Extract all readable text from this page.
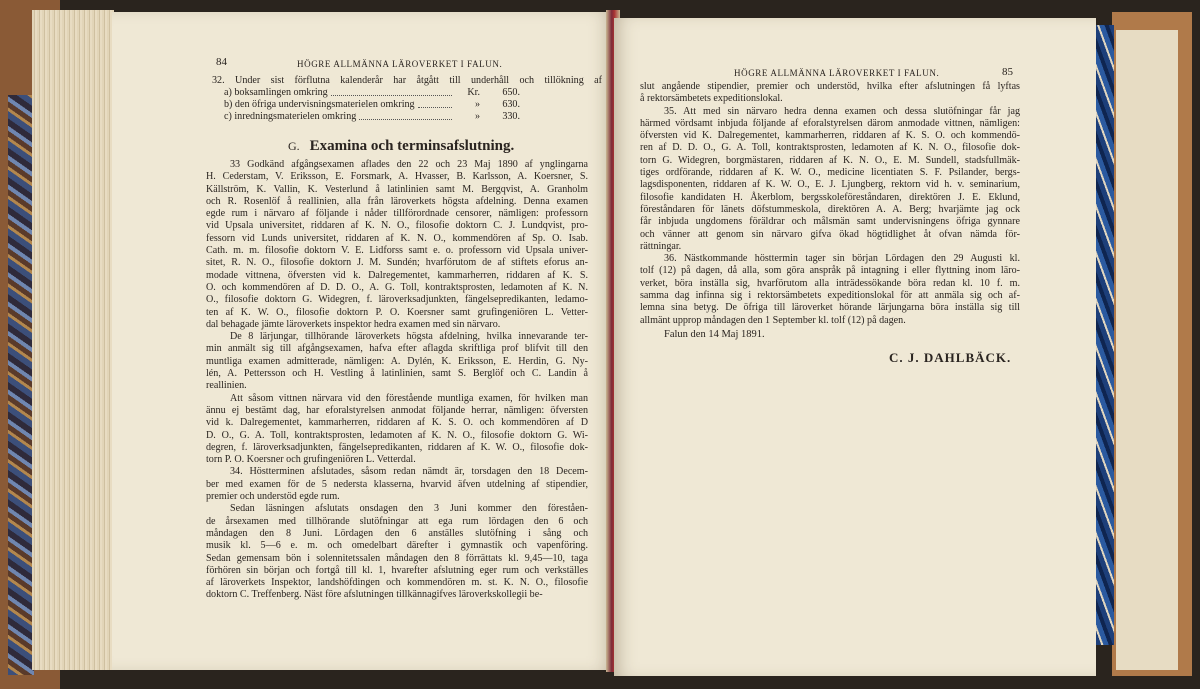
84	HÖGRE ALLMÄNNA LÄROVERKET I FALUN.
32. Under sist förflutna kalenderår har åtgått till underhåll och tillökning af
a) boksamlingen omkring	Kr.	650.
b) den öfriga undervisningsmaterielen omkring	»	630.
c) inredningsmaterielen omkring	»	330.
G. Examina och terminsafslutning.
33 Godkänd afgångsexamen aflades den 22 och 23 Maj 1890 af ynglingarna
H. Cederstam, V. Eriksson, E. Forsmark, A. Hvasser, B. Karlsson, A. Koersner, S.
Källström, K. Vallin, K. Vesterlund å latinlinien samt M. Bergqvist, A. Granholm
och R. Rosenlöf å reallinien, alla från läroverkets högsta afdelning. Denna examen
egde rum i närvaro af följande i nåder tillförordnade censorer, nämligen: professorn
vid Upsala universitet, riddaren af K. N. O., filosofie doktorn C. J. Lundqvist, pro-
fessorn vid Lunds universitet, riddaren af K. N. O., kommendören af Sp. O. Isab.
Cath. m. m. filosofie doktorn V. E. Lidforss samt e. o. professorn vid Upsala univer-
sitet, R. N. O., filosofie doktorn J. M. Sundén; hvarförutom de af stiftets eforus an-
modade vittnena, öfversten vid k. Dalregementet, kammarherren, riddaren af K. S.
O. och kommendören af D. D. O., A. G. Toll, kontraktsprosten, ledamoten af K. N.
O., filosofie doktorn G. Widegren, f. läroverksadjunkten, fängelsepredikanten, ledamo-
ten af K. W. O., filosofie doktorn P. O. Koersner samt grufingeniören L. Vetter-
dal behagade jämte läroverkets inspektor hedra examen med sin närvaro.
De 8 lärjungar, tillhörande läroverkets högsta afdelning, hvilka innevarande ter-
min anmält sig till afgångsexamen, hafva efter aflagda skriftliga prof blifvit till den
muntliga examen admitterade, nämligen: A. Dylén, K. Eriksson, E. Herdin, G. Ny-
lén, A. Pettersson och H. Vestling å latinlinien, samt S. Berglöf och C. Landin å
reallinien.
Att såsom vittnen närvara vid den förestående muntliga examen, för hvilken man
ännu ej bestämt dag, har eforalstyrelsen anmodat följande herrar, nämligen: öfversten
vid k. Dalregementet, kammarherren, riddaren af K. S. O. och kommendören af D
D. O., G. A. Toll, kontraktsprosten, ledamoten af K. N. O., filosofie doktorn G. Wi-
degren, f. läroverksadjunkten, fängelsepredikanten, riddaren af K. W. O., filosofie dok-
torn P. O. Koersner och grufingeniören L. Vetterdal.
34. Höstterminen afslutades, såsom redan nämdt är, torsdagen den 18 Decem-
ber med examen för de 5 nedersta klasserna, hvarvid äfven utdelning af stipendier,
premier och understöd egde rum.
Sedan läsningen afslutats onsdagen den 3 Juni kommer den föreståen-
de årsexamen med tillhörande slutöfningar att ega rum lördagen den 6 och
måndagen den 8 Juni. Lördagen den 6 anställes slutöfning i sång och
musik kl. 5—6 e. m. och omedelbart därefter i gymnastik och vapenföring.
Sedan gemensam bön i solennitetssalen måndagen den 8 förrättats kl. 9,45—10, taga
förhören sin början och fortgå till kl. 1, hvarefter afslutning eger rum och verkställes
af läroverkets Inspektor, landshöfdingen och kommendören m. st. K. N. O., filosofie
doktorn C. Treffenberg. Näst före afslutningen tillkännagifves läroverkskollegii be-
HÖGRE ALLMÄNNA LÄROVERKET I FALUN.	85
slut angående stipendier, premier och understöd, hvilka efter afslutningen få lyftas
å rektorsämbetets expeditionslokal.
35. Att med sin närvaro hedra denna examen och dessa slutöfningar får jag
härmed vördsamt inbjuda följande af eforalstyrelsen därom anmodade vittnen, nämligen:
öfversten vid K. Dalregementet, kammarherren, riddaren af K. S. O. och kommendö-
ren af D. D. O., G. A. Toll, kontraktsprosten, ledamoten af K. N. O., filosofie dok-
torn G. Widegren, borgmästaren, riddaren af K. N. O., E. M. Sundell, stadsfullmäk-
tiges ordförande, riddaren af K. W. O., medicine licentiaten S. F. Psilander, bergs-
lagsdisponenten, riddaren af K. W. O., E. J. Ljungberg, rektorn vid h. v. seminarium,
filosofie kandidaten H. Åkerblom, bergsskoleföreståndaren, direktören J. E. Eklund,
föreståndaren för länets döfstummeskola, direktören A. A. Berg; hvarjämte jag ock
får inbjuda ungdomens föräldrar och målsmän samt undervisningens öfriga gynnare
och vänner att genom sin närvaro gifva ökad högtidlighet åt ofvan nämda för-
rättningar.
36. Nästkommande hösttermin tager sin början Lördagen den 29 Augusti kl.
tolf (12) på dagen, då alla, som göra anspråk på intagning i eller flyttning inom läro-
verket, böra inställa sig, hvarförutom alla inträdessökande böra redan kl. 10 f. m.
samma dag infinna sig i rektorsämbetets expeditionslokal för att anmäla sig och af-
lemna sina betyg. De öfriga till läroverket hörande lärjungarna böra inställa sig till
allmänt upprop måndagen den 1 September kl. tolf (12) på dagen.
Falun den 14 Maj 1891.
C. J. DAHLBÄCK.
